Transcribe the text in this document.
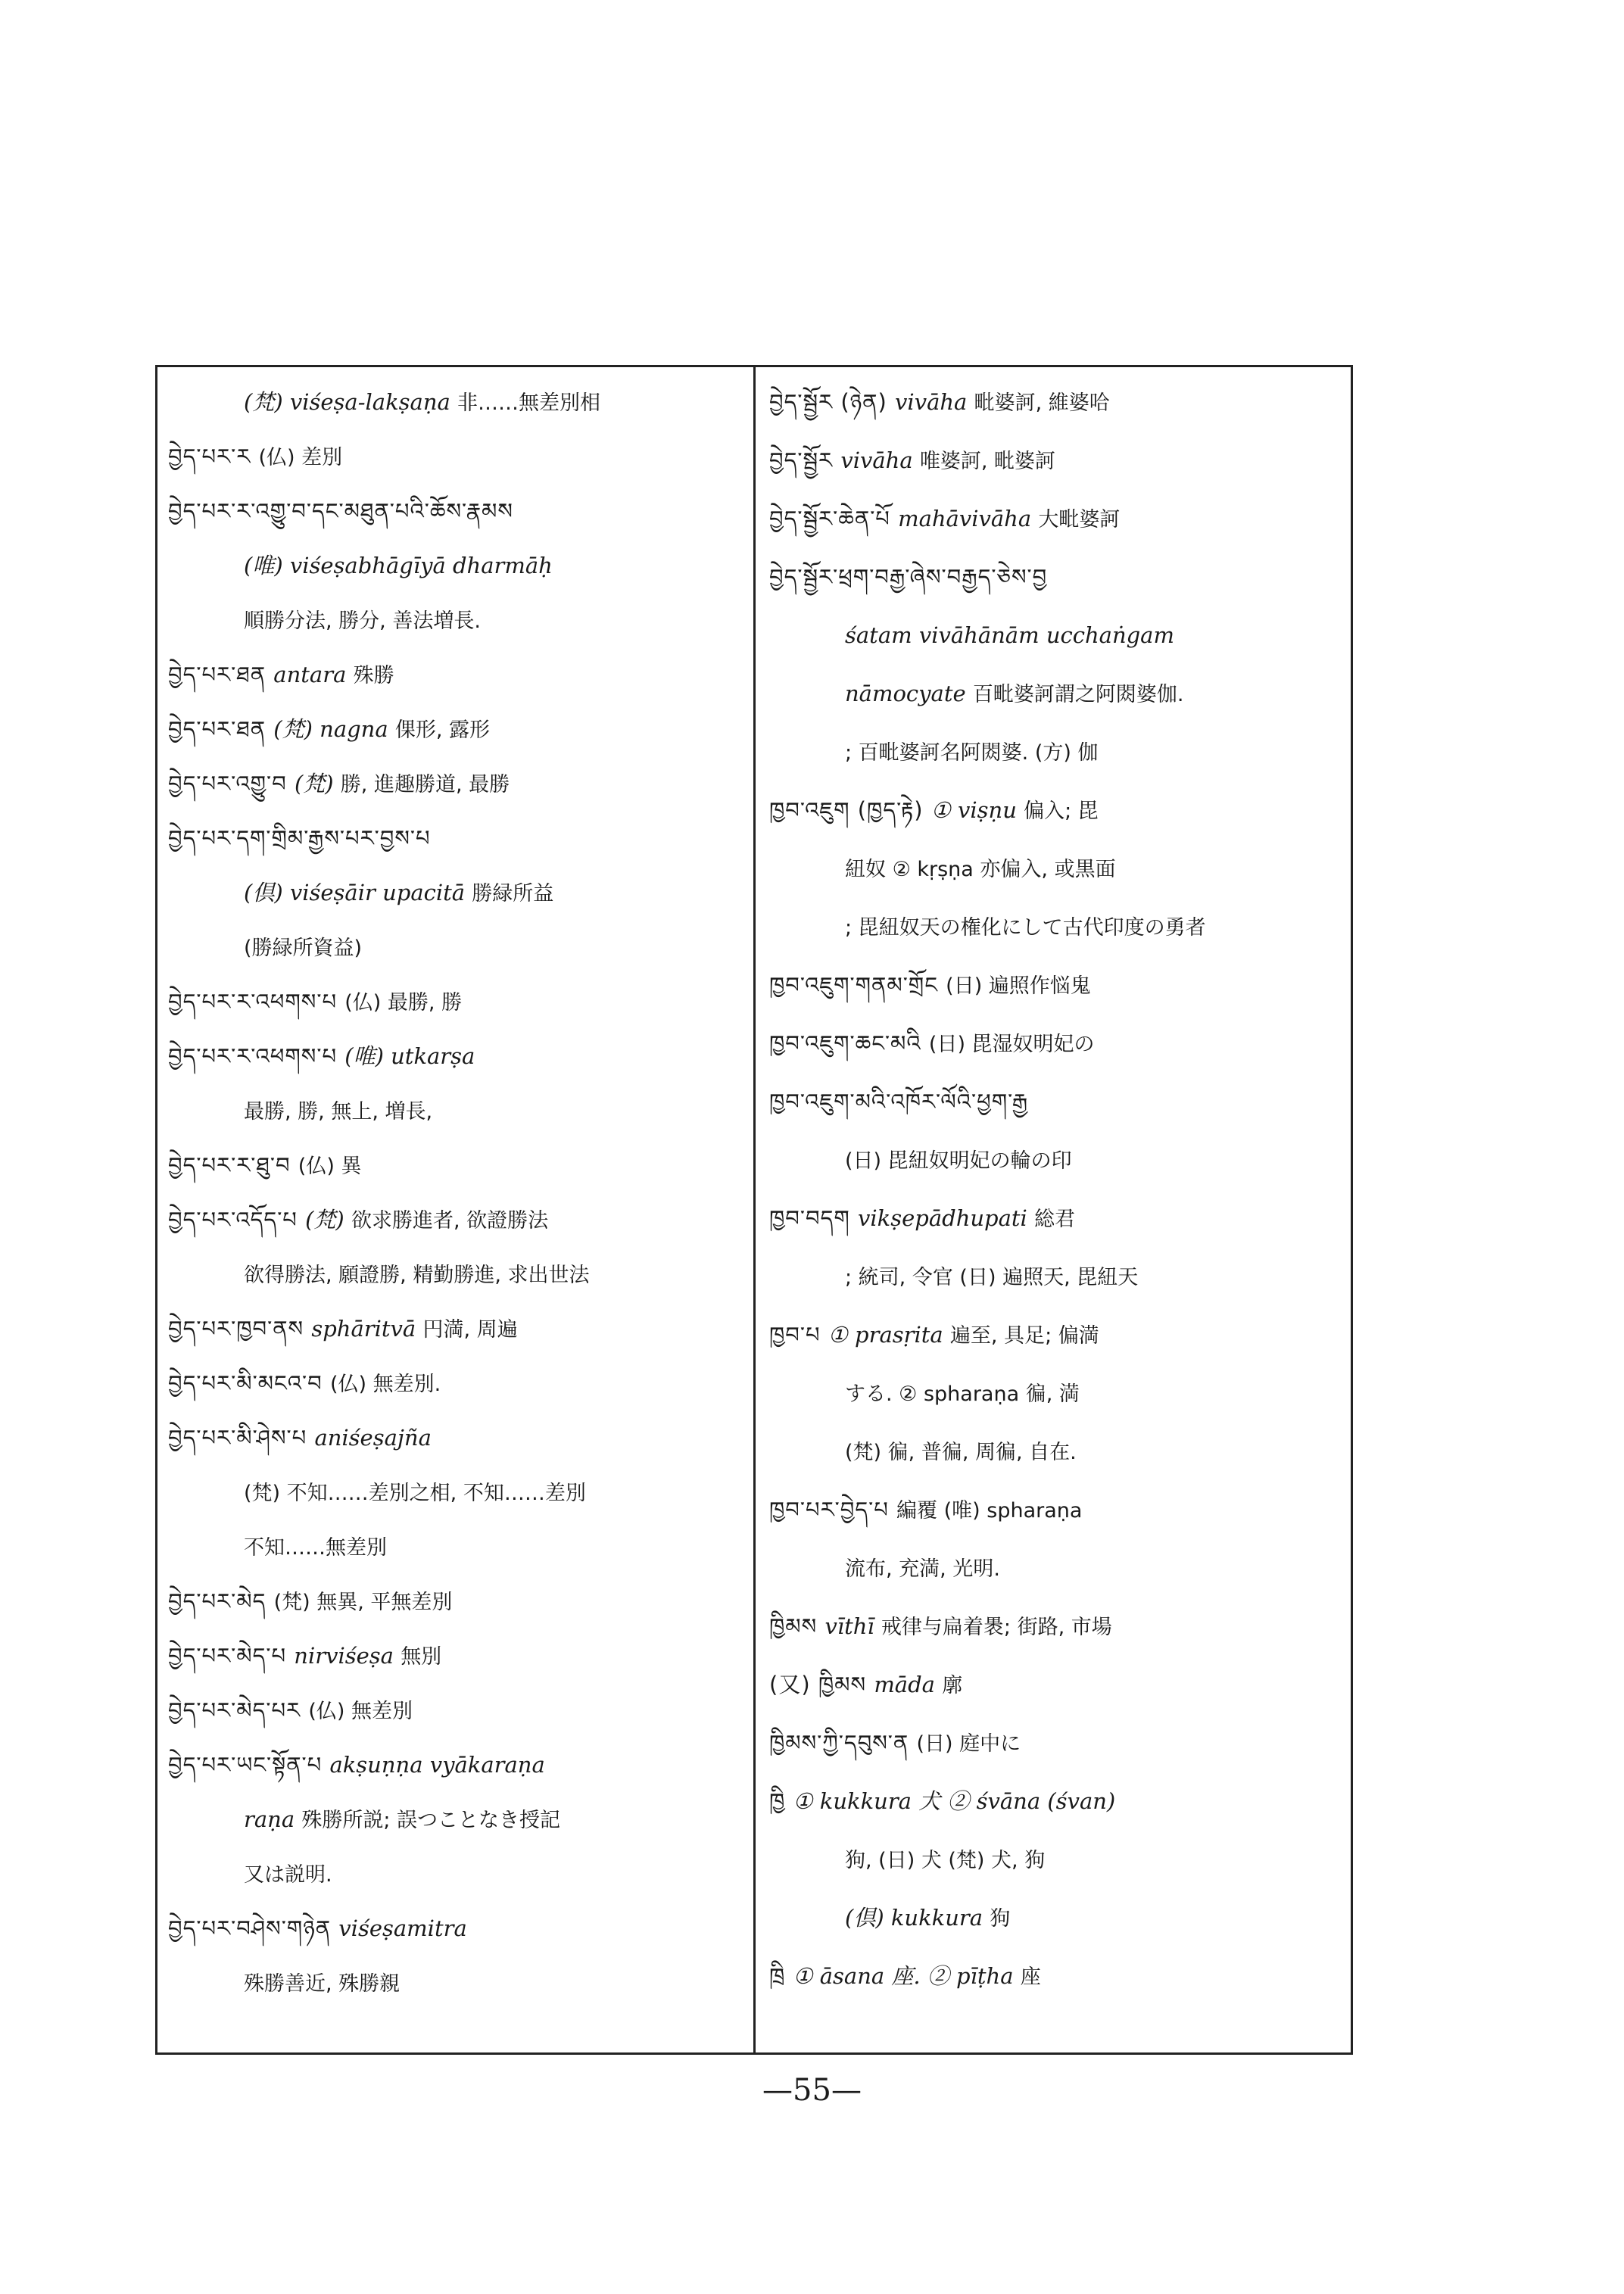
(梵) viśeṣa-lakṣaṇa 非……無差別相
བྱེད་པར་ར (仏) 差別
བྱེད་པར་ར་འགྱུ་བ་དང་མཐུན་པའི་ཆོས་རྣམས
(唯) viśeṣabhāgīyā dharmāḥ
順勝分法, 勝分, 善法増長.
བྱེད་པར་ཐན antara 殊勝
བྱེད་པར་ཐན (梵) nagna 倮形, 露形
བྱེད་པར་འགྱུ་བ (梵) 勝, 進趣勝道, 最勝
བྱེད་པར་དག་གྲིམ་རྒྱས་པར་བྱས་པ
(倶) viśeṣāir upacitā 勝緑所益
(勝緑所資益)
བྱེད་པར་ར་འཕགས་པ (仏) 最勝, 勝
བྱེད་པར་ར་འཕགས་པ (唯) utkarṣa
最勝, 勝, 無上, 増長,
བྱེད་པར་ར་ཐུ་བ (仏) 異
བྱེད་པར་འདོད་པ (梵) 欲求勝進者, 欲證勝法
欲得勝法, 願證勝, 精勤勝進, 求出世法
བྱེད་པར་ཁྱབ་ནས sphāritvā 円満, 周遍
བྱེད་པར་མི་མངའ་བ (仏) 無差別.
བྱེད་པར་མི་ཤེས་པ aniśeṣajña
(梵) 不知……差別之相, 不知……差別
不知……無差別
བྱེད་པར་མེད (梵) 無異, 平無差別
བྱེད་པར་མེད་པ nirviśeṣa 無別
བྱེད་པར་མེད་པར (仏) 無差別
བྱེད་པར་ཡང་སྟོན་པ akṣuṇṇa vyākaraṇa
raṇa 殊勝所説; 誤つことなき授記
又は説明.
བྱེད་པར་བཤེས་གཉེན viśeṣamitra
殊勝善近, 殊勝親
བྱེད་སྦྱོར (ཉེན) vivāha 毗婆訶, 維婆哈
བྱེད་སྦྱོར vivāha 唯婆訶, 毗婆訶
བྱེད་སྦྱོར་ཆེན་པོ mahāvivāha 大毗婆訶
བྱེད་སྦྱོར་ཕྲག་བརྒྱ་ཞེས་བརྒྱད་ཅེས་བྱ
śatam vivāhānām ucchaṅgam
nāmocyate 百毗婆訶謂之阿閦婆伽.
; 百毗婆訶名阿閦婆. (方) 伽
ཁྱབ་འཇུག (ཁྱད་རྟེ) ① viṣṇu 偏入; 毘
紐奴 ② kṛṣṇa 亦偏入, 或黒面
; 毘紐奴天の権化にして古代印度の勇者
ཁྱབ་འཇུག་གནམ་གྲོང (日) 遍照作悩鬼
ཁྱབ་འཇུག་ཆང་མའི (日) 毘湿奴明妃の
ཁྱབ་འཇུག་མའི་འཁོར་ལོའི་ཕྱག་རྒྱ
(日) 毘紐奴明妃の輪の印
ཁྱབ་བདག vikṣepādhupati 総君
; 統司, 令官 (日) 遍照天, 毘紐天
ཁྱབ་པ ① prasṛita 遍至, 具足; 偏満
する. ② spharaṇa 徧, 満
(梵) 徧, 普徧, 周徧, 自在.
ཁྱབ་པར་བྱེད་པ 編覆 (唯) spharaṇa
流布, 充満, 光明.
ཁྱིམས vīthī 戒律与扁着褁; 街路, 市場
(又) ཁྱིམས māda 廓
ཁྱིམས་ཀྱི་དབུས་ན (日) 庭中に
ཁྱི ① kukkura 犬 ② śvāna (śvan)
狗, (日) 犬 (梵) 犬, 狗
(倶) kukkura 狗
ཁྲི ① āsana 座. ② pīṭha 座
—55—
